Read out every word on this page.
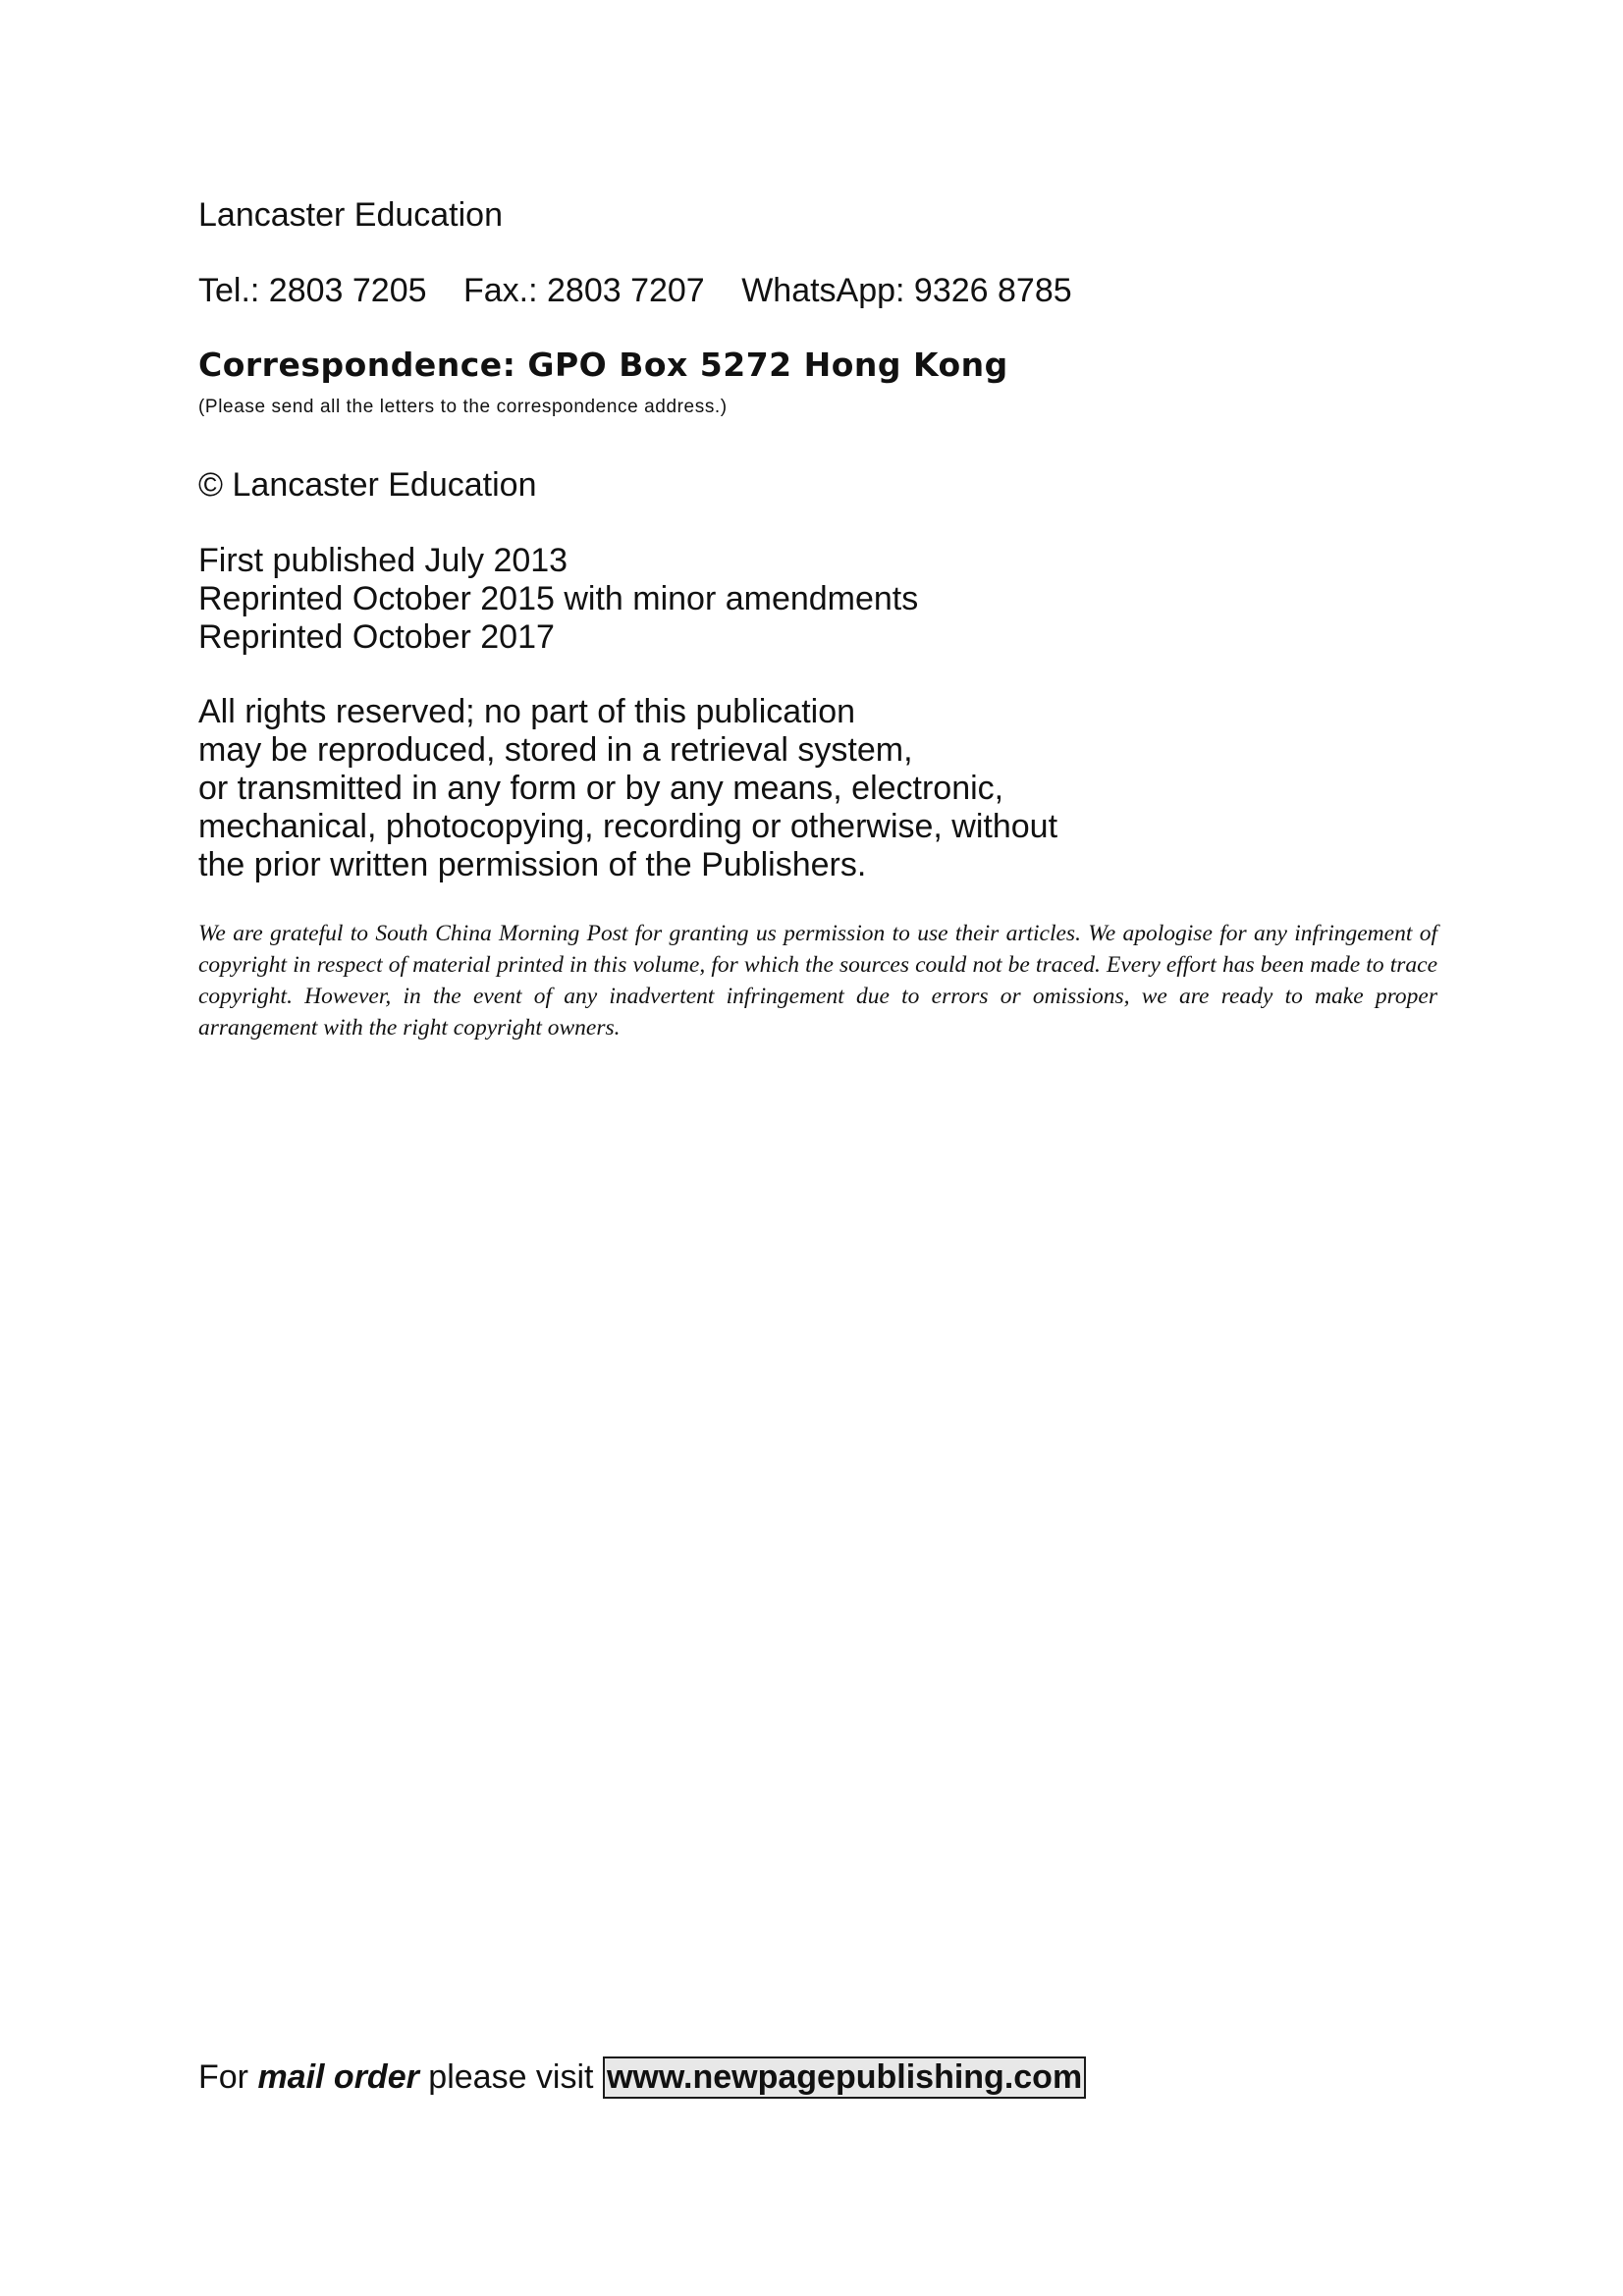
Lancaster Education

Tel.: 2803 7205 Fax.: 2803 7207 WhatsApp: 9326 8785

Correspondence: GPO Box 5272 Hong Kong

(Please send all the letters to the correspondence address.)

© Lancaster Education

First published July 2013
Reprinted October 2015 with minor amendments
Reprinted October 2017
All rights reserved; no part of this publication
may be reproduced, stored in a retrieval system,
or transmitted in any form or by any means, electronic,
mechanical, photocopying, recording or otherwise, without
the prior written permission of the Publishers.

We are grateful to South China Morning Post for granting us permission to use their articles. We apologise for any infringement of copyright in respect of material printed in this volume, for which the sources could not be traced. Every effort has been made to trace copyright. However, in the event of any inadvertent infringement due to errors or omissions, we are ready to make proper arrangement with the right copyright owners.

For mail order please visit www.newpagepublishing.com
